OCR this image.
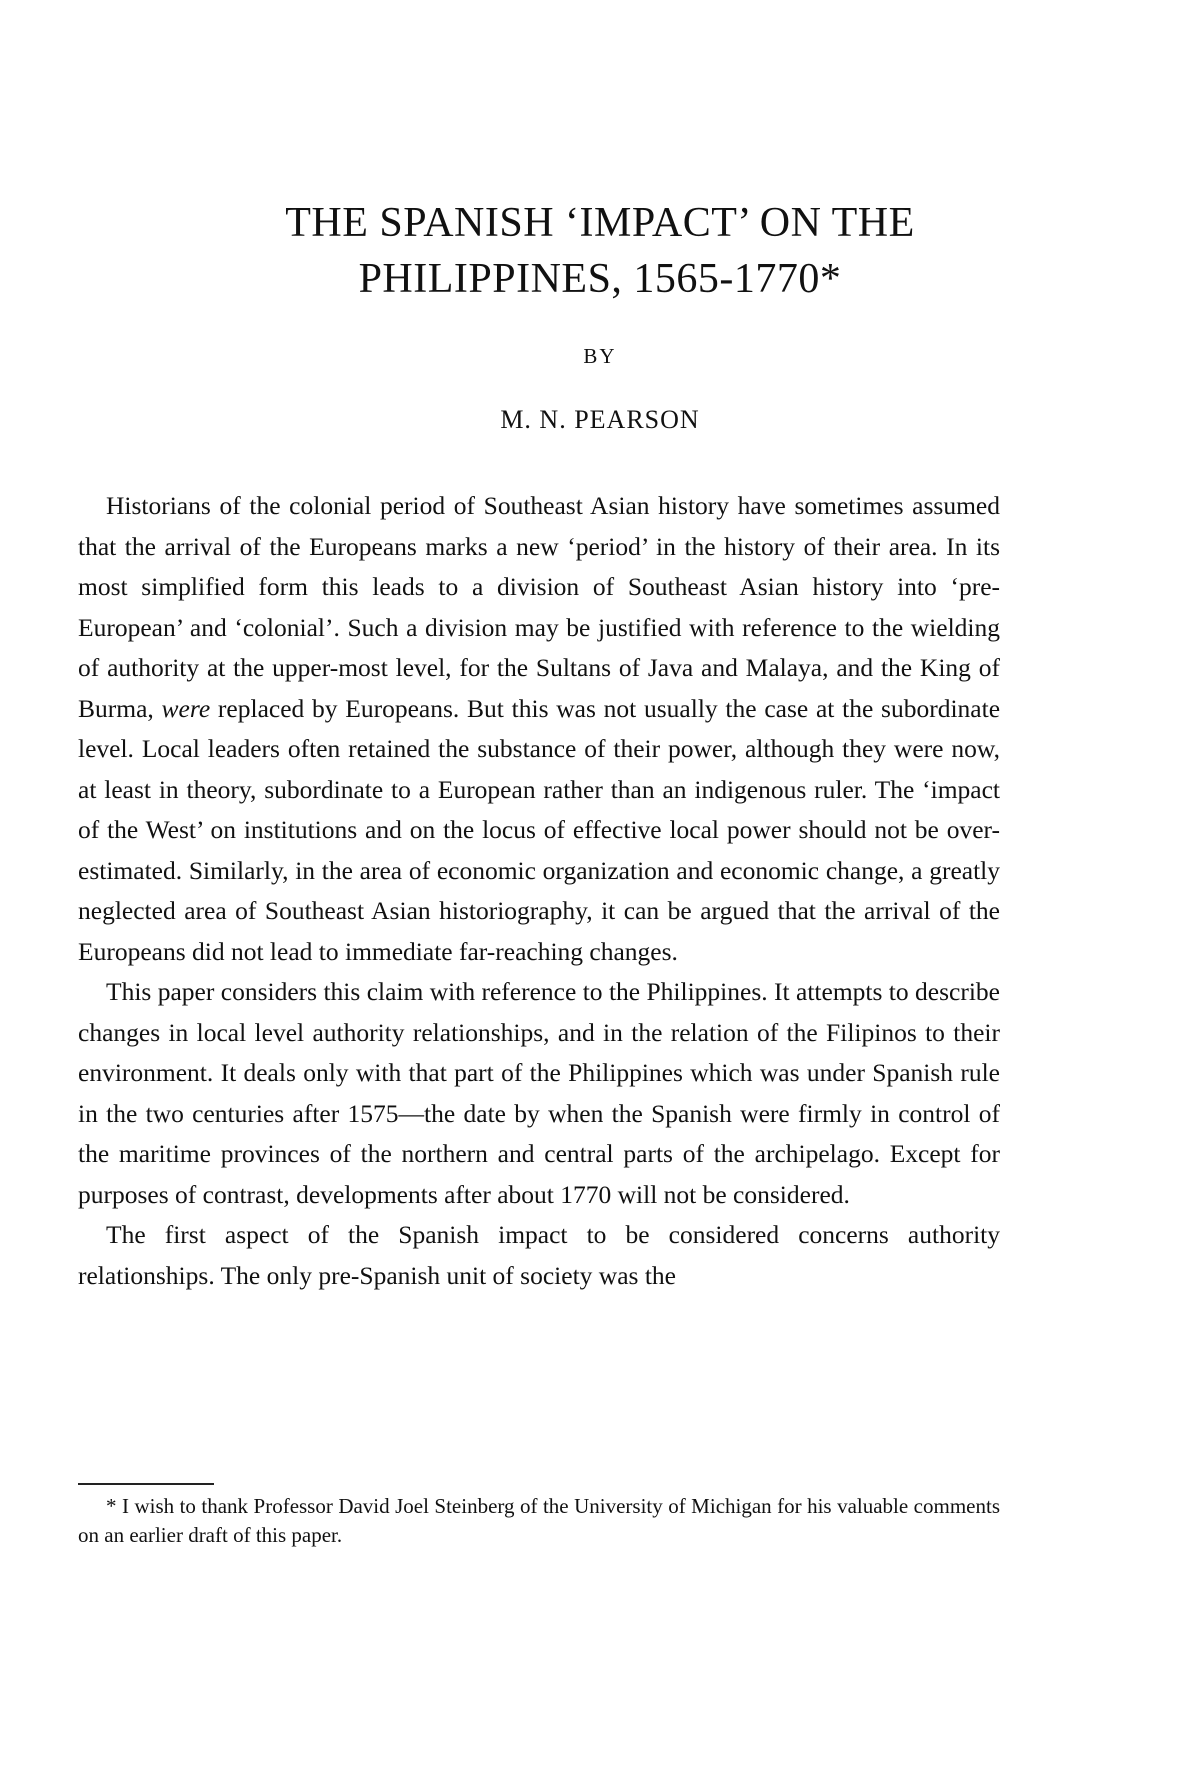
THE SPANISH ‘IMPACT’ ON THE
PHILIPPINES, 1565-1770*
BY
M. N. PEARSON

Historians of the colonial period of Southeast Asian history have sometimes assumed that the arrival of the Europeans marks a new ‘period’ in the history of their area. In its most simplified form this leads to a division of Southeast Asian history into ‘pre-European’ and ‘colonial’. Such a division may be justified with reference to the wielding of authority at the upper-most level, for the Sultans of Java and Malaya, and the King of Burma, were replaced by Europeans. But this was not usually the case at the subordinate level. Local leaders often retained the substance of their power, although they were now, at least in theory, subordinate to a European rather than an indigenous ruler. The ‘impact of the West’ on institutions and on the locus of effective local power should not be over-estimated. Similarly, in the area of economic organization and economic change, a greatly neglected area of Southeast Asian historiography, it can be argued that the arrival of the Europeans did not lead to immediate far-reaching changes.

This paper considers this claim with reference to the Philippines. It attempts to describe changes in local level authority relationships, and in the relation of the Filipinos to their environment. It deals only with that part of the Philippines which was under Spanish rule in the two centuries after 1575—the date by when the Spanish were firmly in control of the maritime provinces of the northern and central parts of the archipelago. Except for purposes of contrast, developments after about 1770 will not be considered.

The first aspect of the Spanish impact to be considered concerns authority relationships. The only pre-Spanish unit of society was the

* I wish to thank Professor David Joel Steinberg of the University of Michigan for his valuable comments on an earlier draft of this paper.
